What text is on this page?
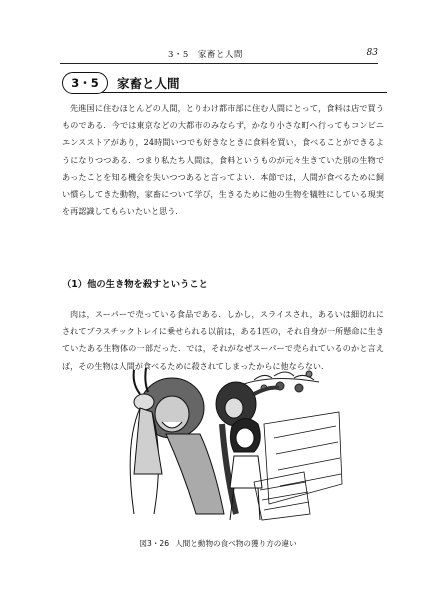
3・5　家畜と人間	83
3・5	家畜と人間

先進国に住むほとんどの人間，とりわけ都市部に住む人間にとって，食料は店で買うものである．今では東京などの大都市のみならず，かなり小さな町へ行ってもコンビニエンスストアがあり，24時間いつでも好きなときに食料を買い，食べることができるようになりつつある．つまり私たち人間は，食料というものが元々生きていた別の生物であったことを知る機会を失いつつあると言ってよい．本節では，人間が食べるために飼い慣らしてきた動物，家畜について学び，生きるために他の生物を犠牲にしている現実を再認識してもらいたいと思う．

（1）他の生き物を殺すということ

肉は，スーパーで売っている食品である．しかし，スライスされ，あるいは細切れにされてプラスチックトレイに乗せられる以前は，ある1匹の，それ自身が一所懸命に生きていたある生物体の一部だった．では，それがなぜスーパーで売られているのかと言えば，その生物は人間が食べるために殺されてしまったからに他ならない．

図3・26 人間と動物の食べ物の獲り方の違い
